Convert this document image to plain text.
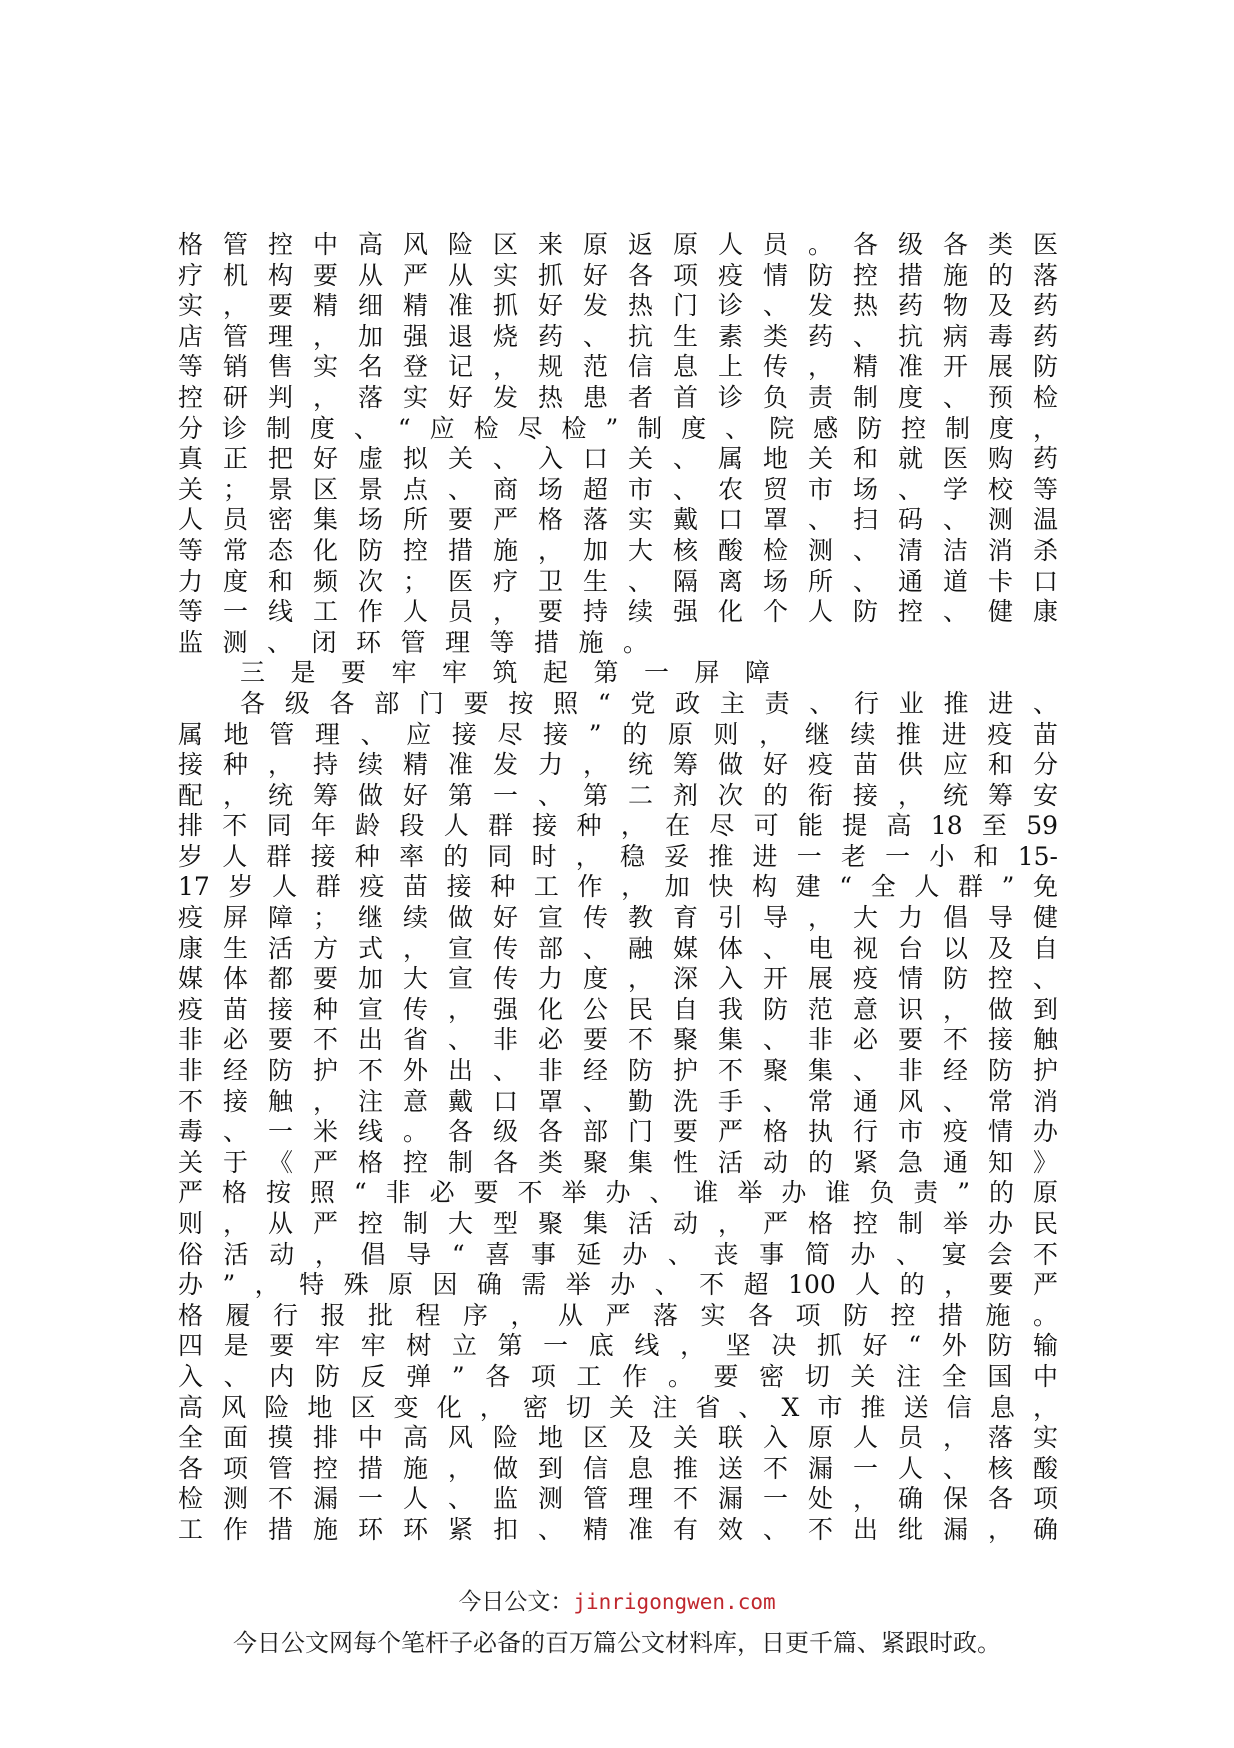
格管控中高风险区来原返原人员。各级各类医
疗机构要从严从实抓好各项疫情防控措施的落
实，要精细精准抓好发热门诊、发热药物及药
店管理，加强退烧药、抗生素类药、抗病毒药
等销售实名登记，规范信息上传，精准开展防
控研判，落实好发热患者首诊负责制度、预检
分诊制度、“应检尽检”制度、院感防控制度，
真正把好虚拟关、入口关、属地关和就医购药
关；景区景点、商场超市、农贸市场、学校等
人员密集场所要严格落实戴口罩、扫码、测温
等常态化防控措施，加大核酸检测、清洁消杀
力度和频次；医疗卫生、隔离场所、通道卡口
等一线工作人员，要持续强化个人防控、健康
监测、闭环管理等措施。
三是要牢牢筑起第一屏障
各级各部门要按照“党政主责、行业推进、
属地管理、应接尽接”的原则，继续推进疫苗
接种，持续精准发力，统筹做好疫苗供应和分
配，统筹做好第一、第二剂次的衔接，统筹安
排不同年龄段人群接种，在尽可能提高18至59
岁人群接种率的同时，稳妥推进一老一小和15-
17岁人群疫苗接种工作，加快构建“全人群”免
疫屏障；继续做好宣传教育引导，大力倡导健
康生活方式，宣传部、融媒体、电视台以及自
媒体都要加大宣传力度，深入开展疫情防控、
疫苗接种宣传，强化公民自我防范意识，做到
非必要不出省、非必要不聚集、非必要不接触
非经防护不外出、非经防护不聚集、非经防护
不接触，注意戴口罩、勤洗手、常通风、常消
毒、一米线。各级各部门要严格执行市疫情办
关于《严格控制各类聚集性活动的紧急通知》
严格按照“非必要不举办、谁举办谁负责”的原
则，从严控制大型聚集活动，严格控制举办民
俗活动，倡导“喜事延办、丧事简办、宴会不
办”，特殊原因确需举办、不超100人的，要严
格履行报批程序，从严落实各项防控措施。
四是要牢牢树立第一底线，坚决抓好“外防输
入、内防反弹”各项工作。要密切关注全国中
高风险地区变化，密切关注省、X市推送信息，
全面摸排中高风险地区及关联入原人员，落实
各项管控措施，做到信息推送不漏一人、核酸
检测不漏一人、监测管理不漏一处，确保各项
工作措施环环紧扣、精准有效、不出纰漏，确
今日公文：jinrigongwen.com
今日公文网每个笔杆子必备的百万篇公文材料库，日更千篇、紧跟时政。
